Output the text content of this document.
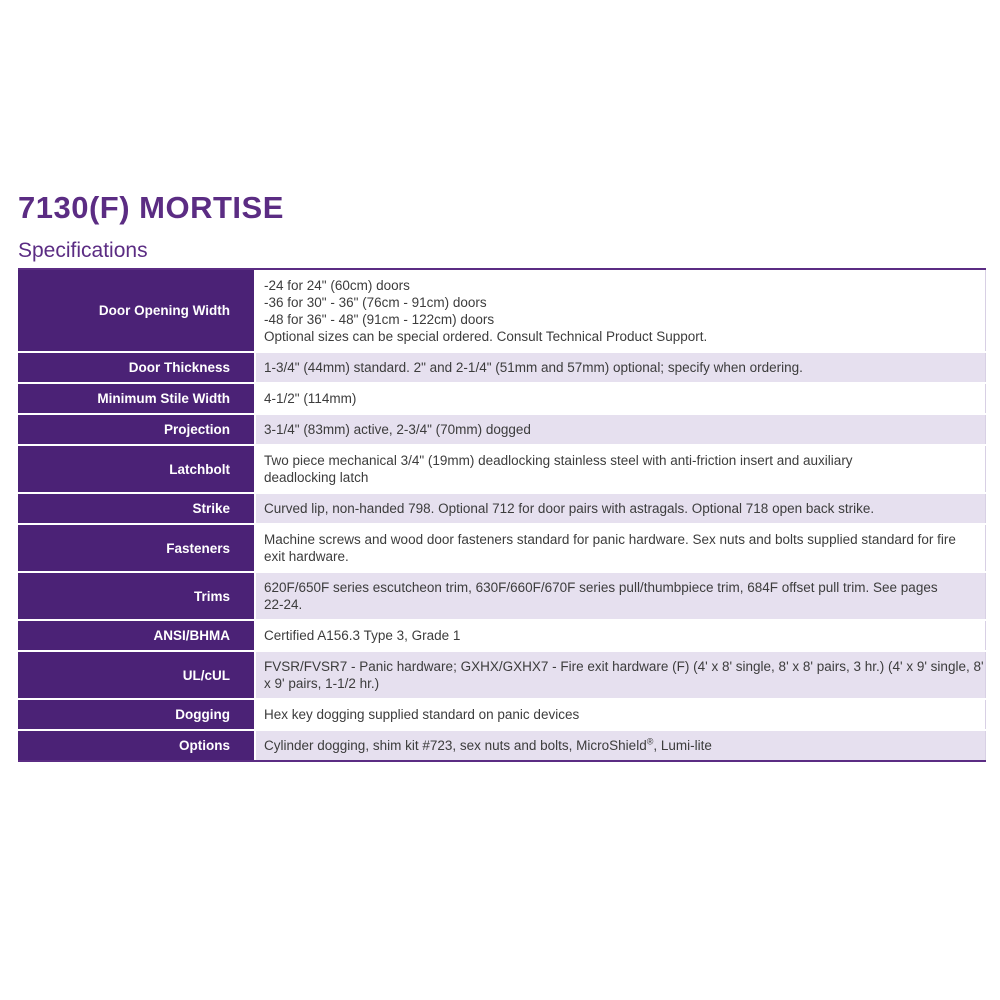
7130(F) MORTISE
Specifications
Door Opening Width	-24 for 24" (60cm) doors
-36 for 30" - 36" (76cm - 91cm) doors
-48 for 36" - 48" (91cm - 122cm) doors
Optional sizes can be special ordered. Consult Technical Product Support.

Door Thickness	1-3/4" (44mm) standard. 2" and 2-1/4" (51mm and 57mm) optional; specify when ordering.
Minimum Stile Width	4-1/2" (114mm)
Projection	3-1/4" (83mm) active, 2-3/4" (70mm) dogged
Latchbolt	Two piece mechanical 3/4" (19mm) deadlocking stainless steel with anti-friction insert and auxiliary
deadlocking latch

Strike	Curved lip, non-handed 798. Optional 712 for door pairs with astragals. Optional 718 open back strike.
Fasteners	Machine screws and wood door fasteners standard for panic hardware. Sex nuts and bolts supplied standard for fire
exit hardware.

Trims	620F/650F series escutcheon trim, 630F/660F/670F series pull/thumbpiece trim, 684F offset pull trim. See pages
22-24.

ANSI/BHMA	Certified A156.3 Type 3, Grade 1
UL/cUL	FVSR/FVSR7 - Panic hardware; GXHX/GXHX7 - Fire exit hardware (F) (4' x 8' single, 8' x 8' pairs, 3 hr.) (4' x 9' single, 8'
x 9' pairs, 1-1/2 hr.)

Dogging	Hex key dogging supplied standard on panic devices
Options	Cylinder dogging, shim kit #723, sex nuts and bolts, MicroShield®, Lumi-lite
